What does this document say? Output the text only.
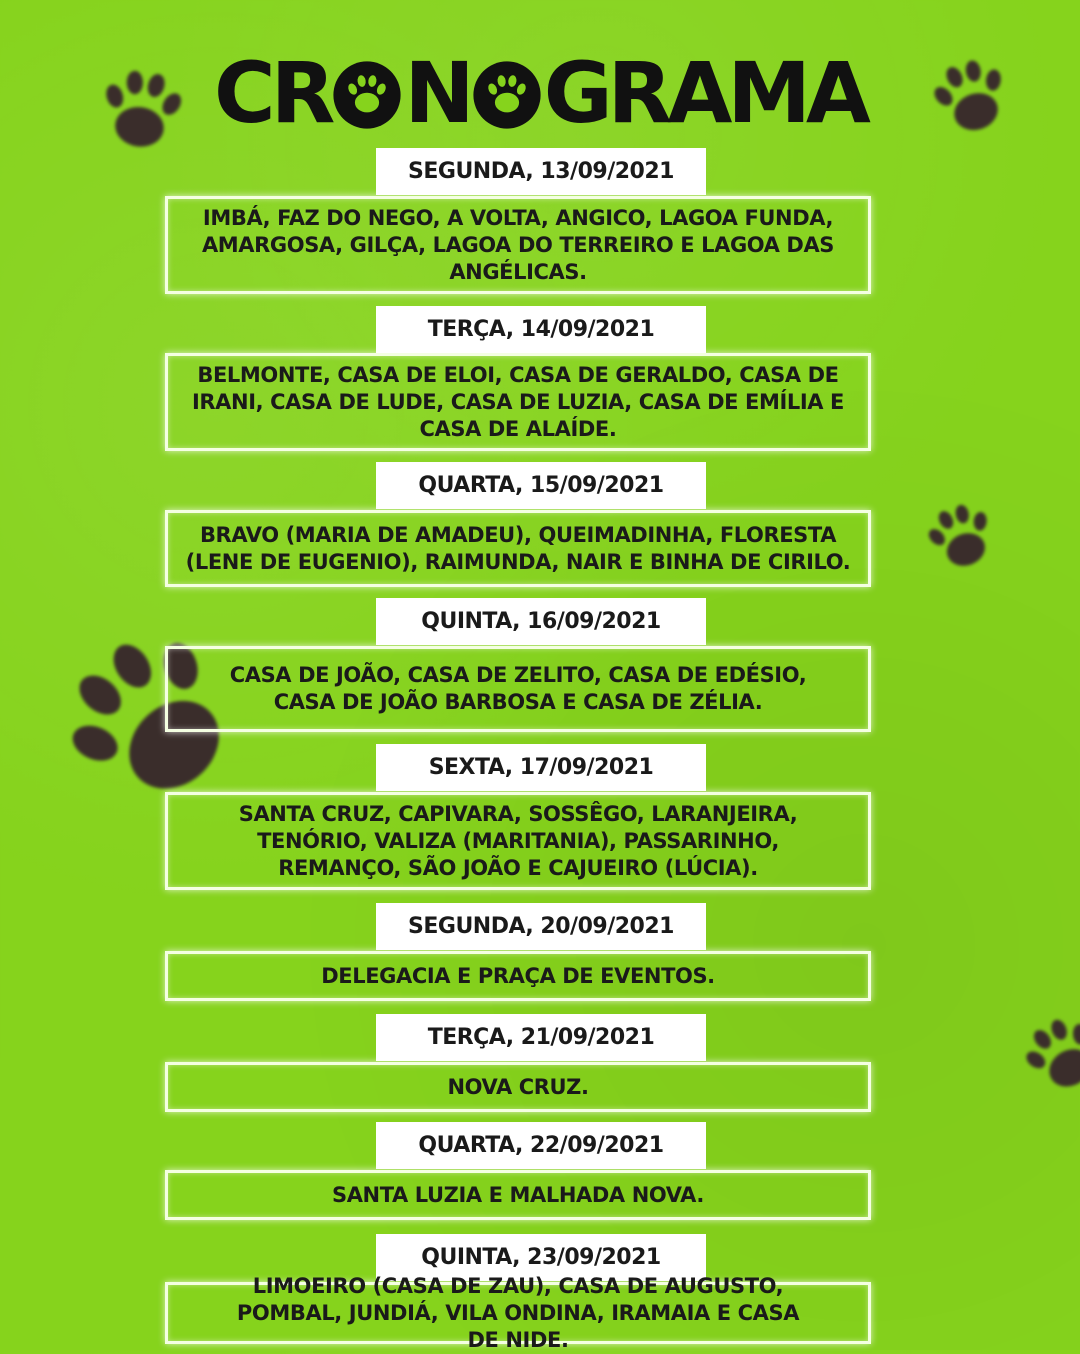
CR N GRAMA
SEGUNDA, 13/09/2021
IMBÁ, FAZ DO NEGO, A VOLTA, ANGICO, LAGOA FUNDA, AMARGOSA, GILÇA, LAGOA DO TERREIRO E LAGOA DAS ANGÉLICAS.
TERÇA, 14/09/2021
BELMONTE, CASA DE ELOI, CASA DE GERALDO, CASA DE IRANI, CASA DE LUDE, CASA DE LUZIA, CASA DE EMÍLIA E CASA DE ALAÍDE.
QUARTA, 15/09/2021
BRAVO (MARIA DE AMADEU), QUEIMADINHA, FLORESTA (LENE DE EUGENIO), RAIMUNDA, NAIR E BINHA DE CIRILO.
QUINTA, 16/09/2021
CASA DE JOÃO, CASA DE ZELITO, CASA DE EDÉSIO, CASA DE JOÃO BARBOSA E CASA DE ZÉLIA.
SEXTA, 17/09/2021
SANTA CRUZ, CAPIVARA, SOSSÊGO, LARANJEIRA, TENÓRIO, VALIZA (MARITANIA), PASSARINHO, REMANÇO, SÃO JOÃO E CAJUEIRO (LÚCIA).
SEGUNDA, 20/09/2021
DELEGACIA E PRAÇA DE EVENTOS.
TERÇA, 21/09/2021
NOVA CRUZ.
QUARTA, 22/09/2021
SANTA LUZIA E MALHADA NOVA.
QUINTA, 23/09/2021
LIMOEIRO (CASA DE ZAU), CASA DE AUGUSTO, POMBAL, JUNDIÁ, VILA ONDINA, IRAMAIA E CASA DE NIDE.
